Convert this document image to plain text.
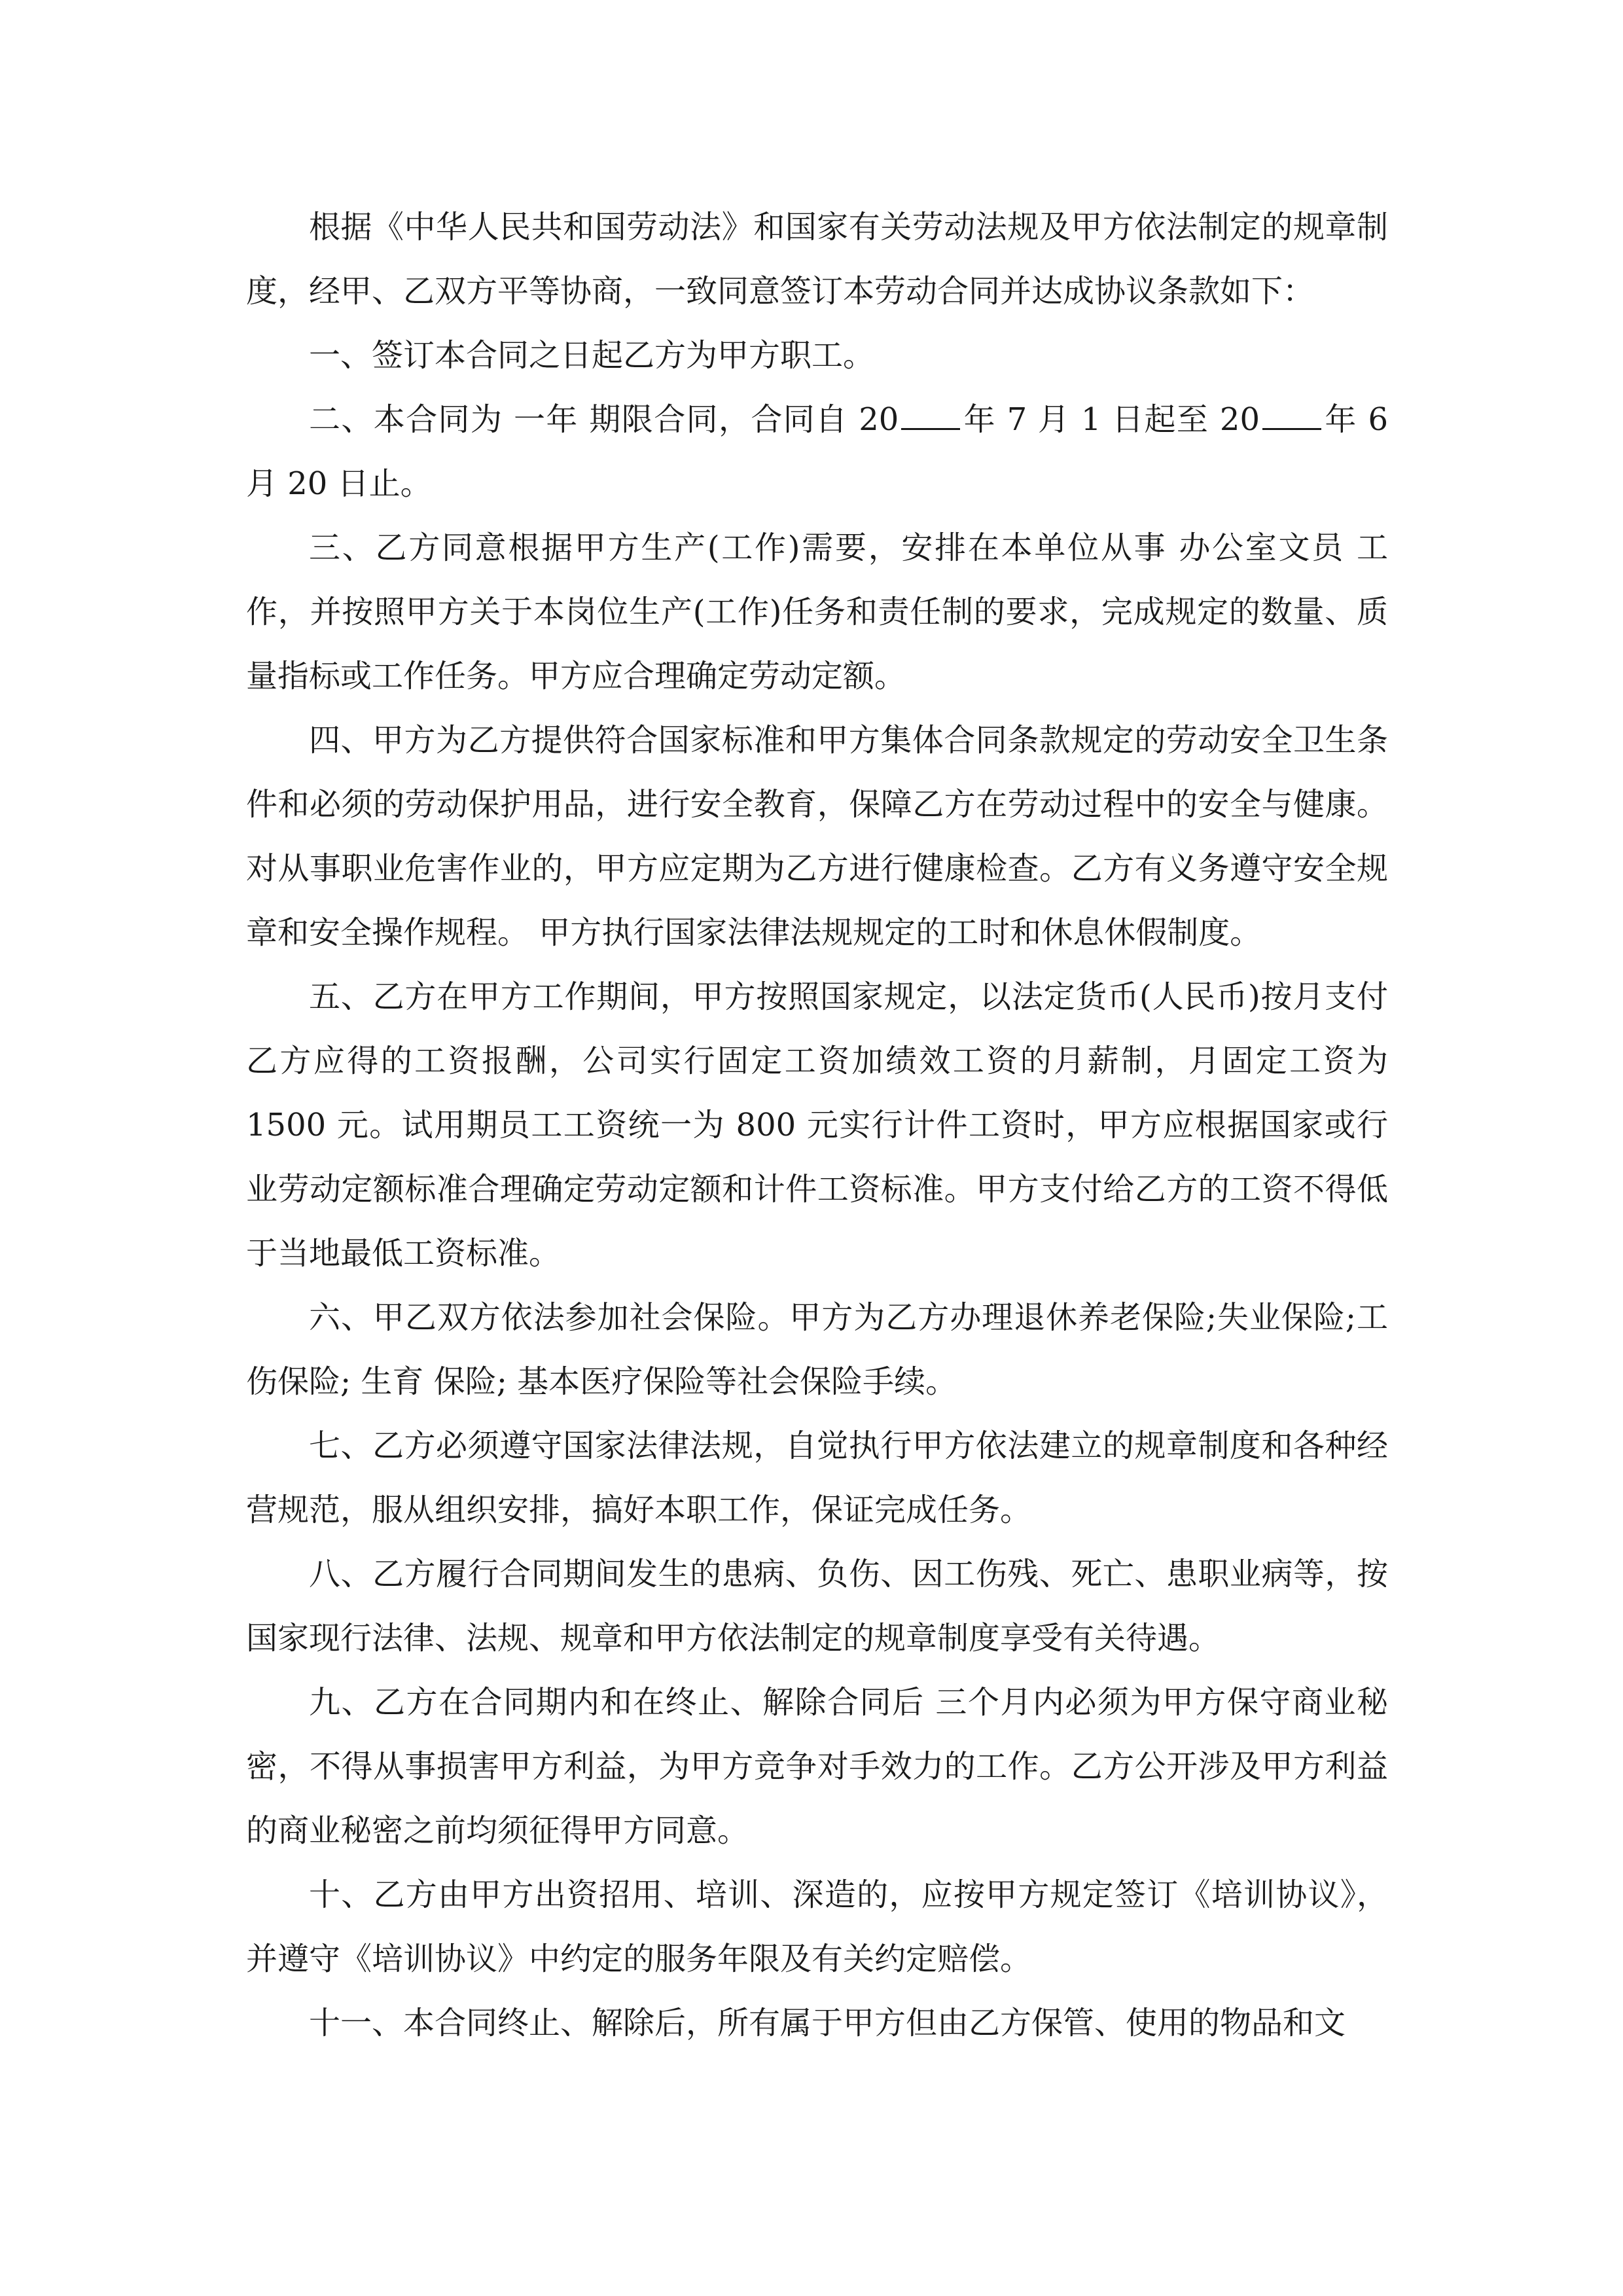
根据《中华人民共和国劳动法》和国家有关劳动法规及甲方依法制定的规章制度，经甲、乙双方平等协商，一致同意签订本劳动合同并达成协议条款如下：

一、签订本合同之日起乙方为甲方职工。

二、本合同为 一年 期限合同，合同自 20 年 7 月 1 日起至 20 年 6 月 20 日止。

三、乙方同意根据甲方生产(工作)需要，安排在本单位从事 办公室文员 工作，并按照甲方关于本岗位生产(工作)任务和责任制的要求，完成规定的数量、质量指标或工作任务。甲方应合理确定劳动定额。

四、甲方为乙方提供符合国家标准和甲方集体合同条款规定的劳动安全卫生条件和必须的劳动保护用品，进行安全教育，保障乙方在劳动过程中的安全与健康。对从事职业危害作业的，甲方应定期为乙方进行健康检查。乙方有义务遵守安全规章和安全操作规程。 甲方执行国家法律法规规定的工时和休息休假制度。

五、乙方在甲方工作期间，甲方按照国家规定，以法定货币(人民币)按月支付乙方应得的工资报酬，公司实行固定工资加绩效工资的月薪制，月固定工资为 1500 元。试用期员工工资统一为 800 元实行计件工资时，甲方应根据国家或行业劳动定额标准合理确定劳动定额和计件工资标准。甲方支付给乙方的工资不得低于当地最低工资标准。

六、甲乙双方依法参加社会保险。甲方为乙方办理退休养老保险;失业保险;工伤保险; 生育 保险; 基本医疗保险等社会保险手续。

七、乙方必须遵守国家法律法规，自觉执行甲方依法建立的规章制度和各种经营规范，服从组织安排，搞好本职工作，保证完成任务。

八、乙方履行合同期间发生的患病、负伤、因工伤残、死亡、患职业病等，按国家现行法律、法规、规章和甲方依法制定的规章制度享受有关待遇。

九、乙方在合同期内和在终止、解除合同后 三个月内必须为甲方保守商业秘密，不得从事损害甲方利益，为甲方竞争对手效力的工作。乙方公开涉及甲方利益的商业秘密之前均须征得甲方同意。

十、乙方由甲方出资招用、培训、深造的，应按甲方规定签订《培训协议》，并遵守《培训协议》中约定的服务年限及有关约定赔偿。

十一、本合同终止、解除后，所有属于甲方但由乙方保管、使用的物品和文
